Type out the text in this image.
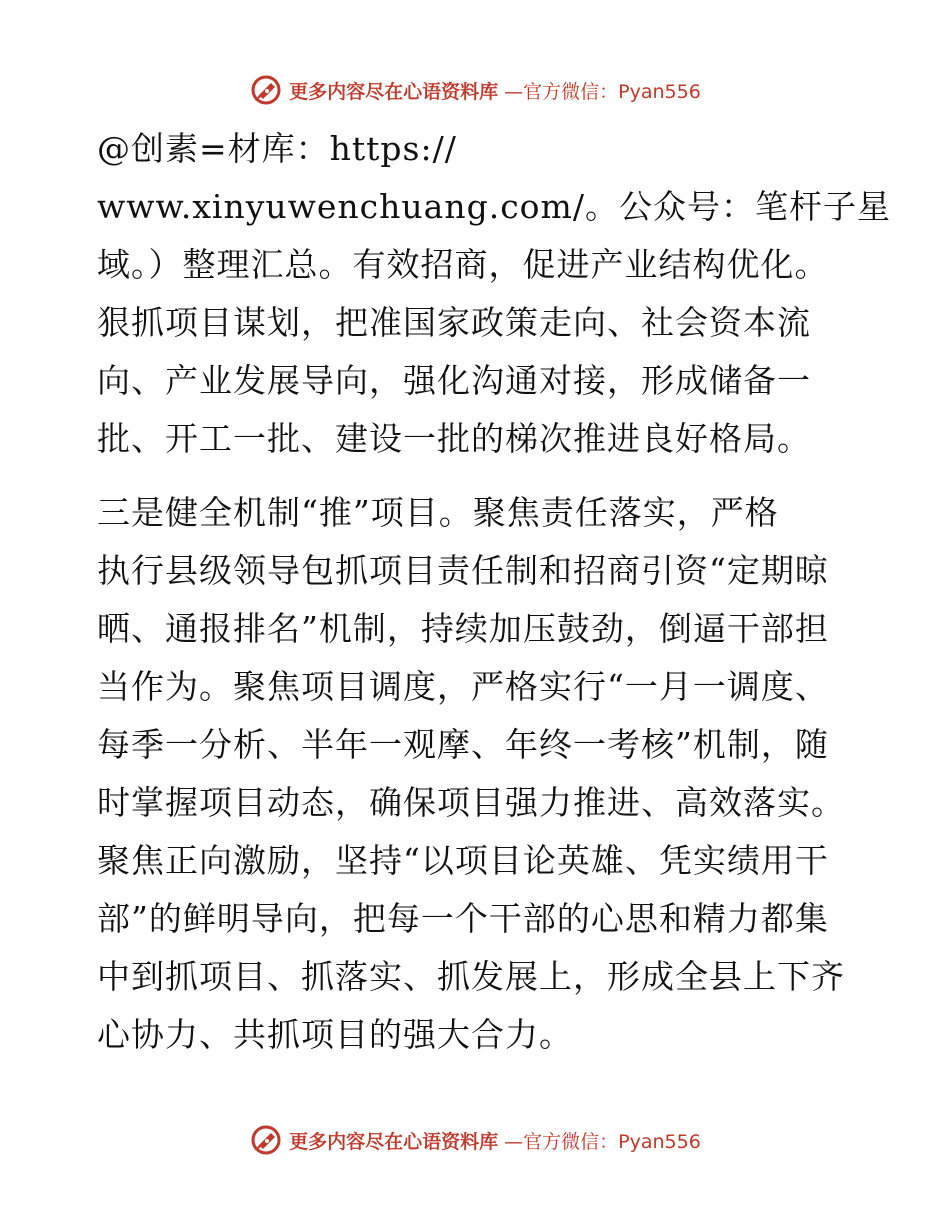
更多内容尽在心语资料库 —官方微信：Pyan556
@创素=材库：https://
www.xinyuwenchuang.com/。公众号：笔杆子星
域。）整理汇总。有效招商，促进产业结构优化。
狠抓项目谋划，把准国家政策走向、社会资本流
向、产业发展导向，强化沟通对接，形成储备一
批、开工一批、建设一批的梯次推进良好格局。
三是健全机制“推”项目。聚焦责任落实，严格
执行县级领导包抓项目责任制和招商引资“定期晾
晒、通报排名”机制，持续加压鼓劲，倒逼干部担
当作为。聚焦项目调度，严格实行“一月一调度、
每季一分析、半年一观摩、年终一考核”机制，随
时掌握项目动态，确保项目强力推进、高效落实。
聚焦正向激励，坚持“以项目论英雄、凭实绩用干
部”的鲜明导向，把每一个干部的心思和精力都集
中到抓项目、抓落实、抓发展上，形成全县上下齐
心协力、共抓项目的强大合力。
更多内容尽在心语资料库 —官方微信：Pyan556
